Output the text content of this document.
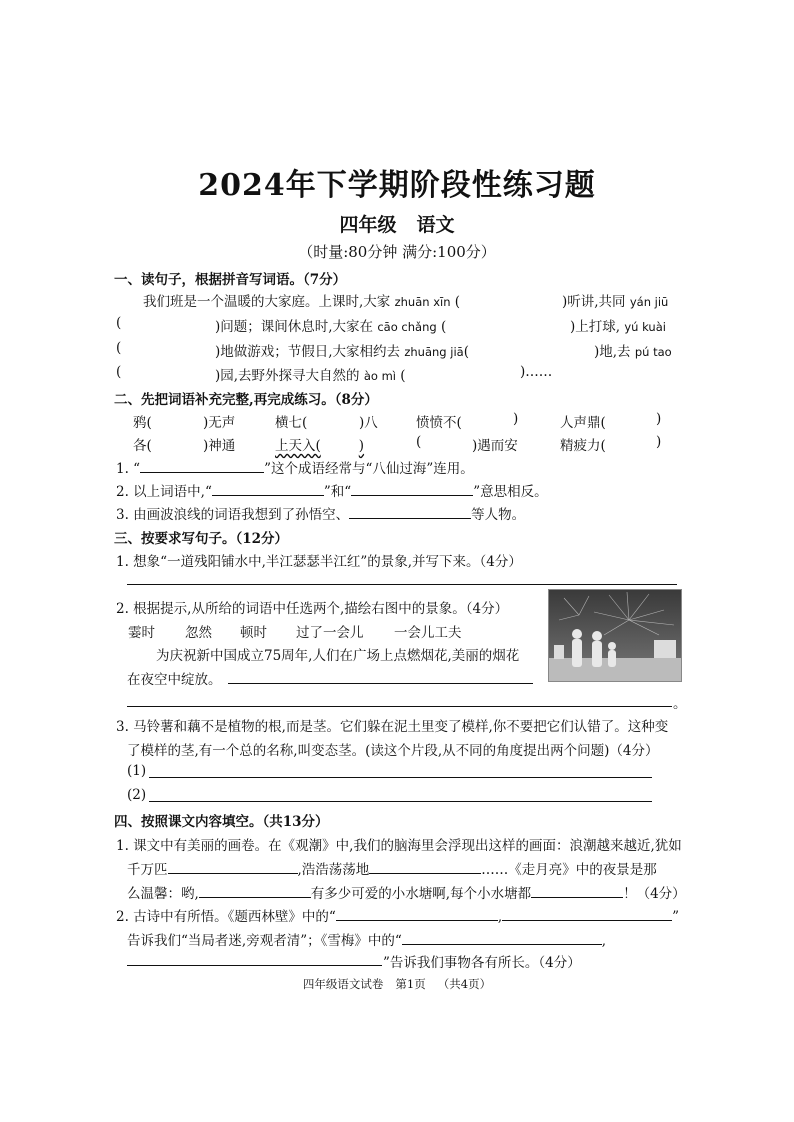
2024年下学期阶段性练习题
四年级 语文
（时量:80分钟 满分:100分）
一、读句子，根据拼音写词语。（7分）
我们班是一个温暖的大家庭。上课时,大家 zhuān xīn (	)听讲,共同 yán jiū
(	)问题；课间休息时,大家在 cāo chǎng (	)上打球, yú kuài
(	)地做游戏；节假日,大家相约去 zhuāng jiā(	)地,去 pú tao
(	)园,去野外探寻大自然的 ào mì (	)……
二、先把词语补充完整,再完成练习。（8分）
鸦(	)无声	横七(	)八	愤愤不(	)	人声鼎(	)
各(	)神通	上天入(	)	(	)遇而安	精疲力(	)
1. “	”这个成语经常与“八仙过海”连用。
2. 以上词语中,“	”和“	”意思相反。
3. 由画波浪线的词语我想到了孙悟空、	等人物。
三、按要求写句子。（12分）
1. 想象“一道残阳铺水中,半江瑟瑟半江红”的景象,并写下来。（4分）
2. 根据提示,从所给的词语中任选两个,描绘右图中的景象。（4分）
霎时 忽然 顿时 过了一会儿 一会儿工夫
为庆祝新中国成立75周年,人们在广场上点燃烟花,美丽的烟花
在夜空中绽放。
。
3. 马铃薯和藕不是植物的根,而是茎。它们躲在泥土里变了模样,你不要把它们认错了。这种变
了模样的茎,有一个总的名称,叫变态茎。(读这个片段,从不同的角度提出两个问题)（4分）
(1)
(2)
四、按照课文内容填空。（共13分）
1. 课文中有美丽的画卷。在《观潮》中,我们的脑海里会浮现出这样的画面：浪潮越来越近,犹如
千万匹	,浩浩荡荡地	……《走月亮》中的夜景是那
么温馨：哟,	有多少可爱的小水塘啊,每个小水塘都	！（4分）
2. 古诗中有所悟。《题西林壁》中的“	,	”
告诉我们“当局者迷,旁观者清”；《雪梅》中的“	,
”告诉我们事物各有所长。（4分）
四年级语文试卷 第1页 （共4页）
